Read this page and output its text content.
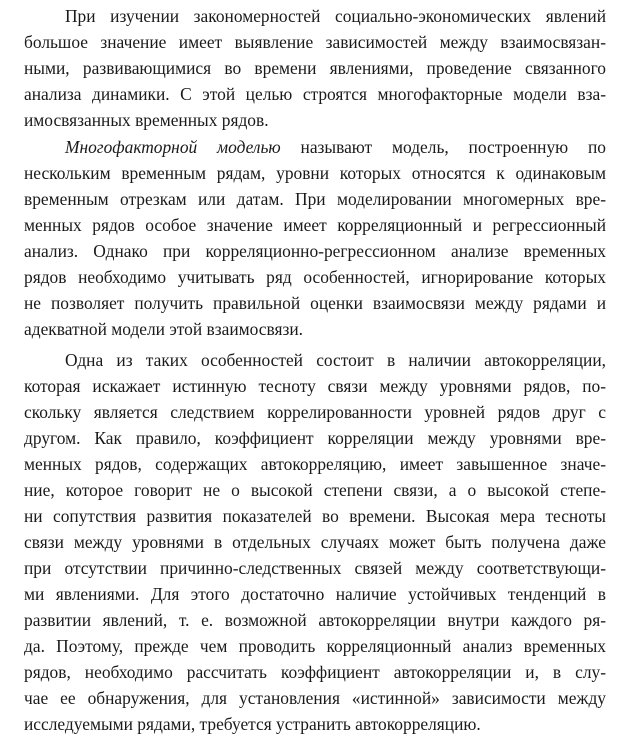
При изучении закономерностей социально-экономических явлений
большое значение имеет выявление зависимостей между взаимосвязан-
ными, развивающимися во времени явлениями, проведение связанного
анализа динамики. С этой целью строятся многофакторные модели вза-
имосвязанных временных рядов.
Многофакторной моделью называют модель, построенную по
нескольким временным рядам, уровни которых относятся к одинаковым
временным отрезкам или датам. При моделировании многомерных вре-
менных рядов особое значение имеет корреляционный и регрессионный
анализ. Однако при корреляционно-регрессионном анализе временных
рядов необходимо учитывать ряд особенностей, игнорирование которых
не позволяет получить правильной оценки взаимосвязи между рядами и
адекватной модели этой взаимосвязи.
Одна из таких особенностей состоит в наличии автокорреляции,
которая искажает истинную тесноту связи между уровнями рядов, по-
скольку является следствием коррелированности уровней рядов друг с
другом. Как правило, коэффициент корреляции между уровнями вре-
менных рядов, содержащих автокорреляцию, имеет завышенное значе-
ние, которое говорит не о высокой степени связи, а о высокой степе-
ни сопутствия развития показателей во времени. Высокая мера тесноты
связи между уровнями в отдельных случаях может быть получена даже
при отсутствии причинно-следственных связей между соответствующи-
ми явлениями. Для этого достаточно наличие устойчивых тенденций в
развитии явлений, т. е. возможной автокорреляции внутри каждого ря-
да. Поэтому, прежде чем проводить корреляционный анализ временных
рядов, необходимо рассчитать коэффициент автокорреляции и, в слу-
чае ее обнаружения, для установления «истинной» зависимости между
исследуемыми рядами, требуется устранить автокорреляцию.
